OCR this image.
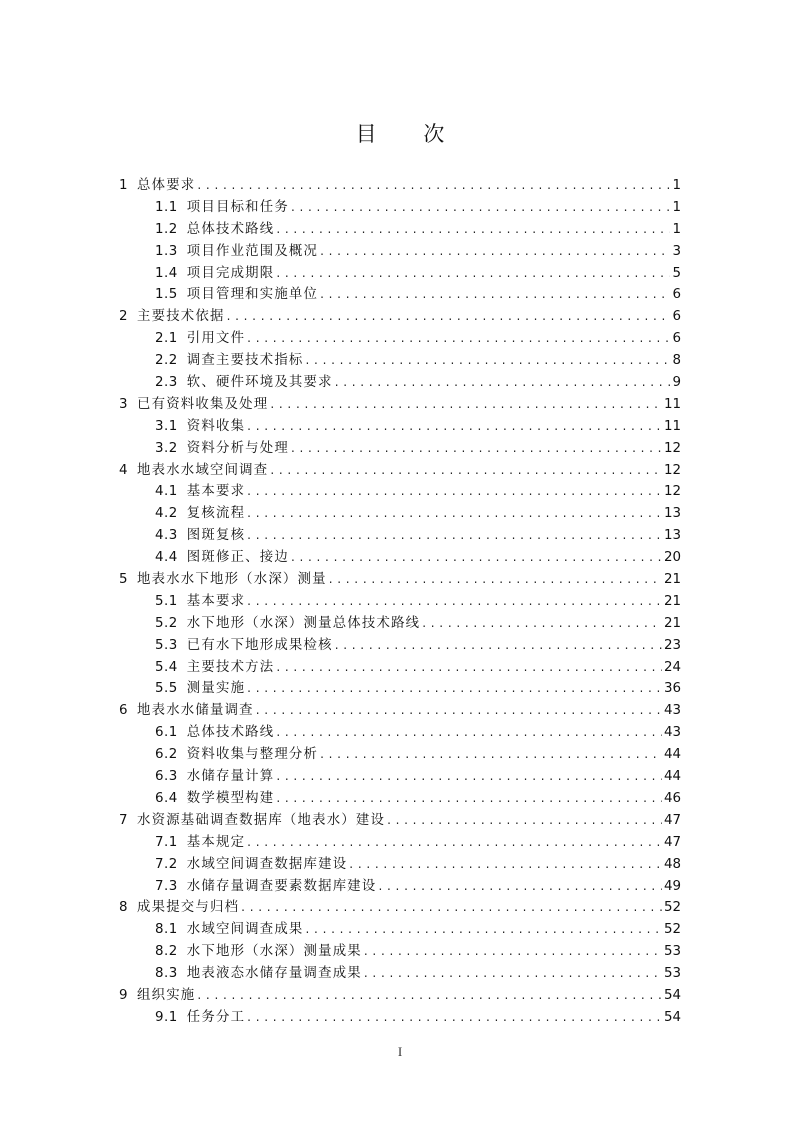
目 次
1 总体要求 . . .	1
1.1 项目目标和任务 . . .	1
1.2 总体技术路线 . . .	1
1.3 项目作业范围及概况 . . .	3
1.4 项目完成期限 . . .	5
1.5 项目管理和实施单位 . . .	6
2 主要技术依据 . . .	6
2.1 引用文件 . . .	6
2.2 调查主要技术指标 . . .	8
2.3 软、硬件环境及其要求 . . .	9
3 已有资料收集及处理 . . .	11
3.1 资料收集 . . .	11
3.2 资料分析与处理 . . .	12
4 地表水水域空间调查 . . .	12
4.1 基本要求 . . .	12
4.2 复核流程 . . .	13
4.3 图斑复核 . . .	13
4.4 图斑修正、接边 . . .	20
5 地表水水下地形（水深）测量 . . .	21
5.1 基本要求 . . .	21
5.2 水下地形（水深）测量总体技术路线 . . .	21
5.3 已有水下地形成果检核 . . .	23
5.4 主要技术方法 . . .	24
5.5 测量实施 . . .	36
6 地表水水储量调查 . . .	43
6.1 总体技术路线 . . .	43
6.2 资料收集与整理分析 . . .	44
6.3 水储存量计算 . . .	44
6.4 数学模型构建 . . .	46
7 水资源基础调查数据库（地表水）建设 . . .	47
7.1 基本规定 . . .	47
7.2 水域空间调查数据库建设 . . .	48
7.3 水储存量调查要素数据库建设 . . .	49
8 成果提交与归档 . . .	52
8.1 水域空间调查成果 . . .	52
8.2 水下地形（水深）测量成果 . . .	53
8.3 地表液态水储存量调查成果 . . .	53
9 组织实施 . . .	54
9.1 任务分工 . . .	54
I
